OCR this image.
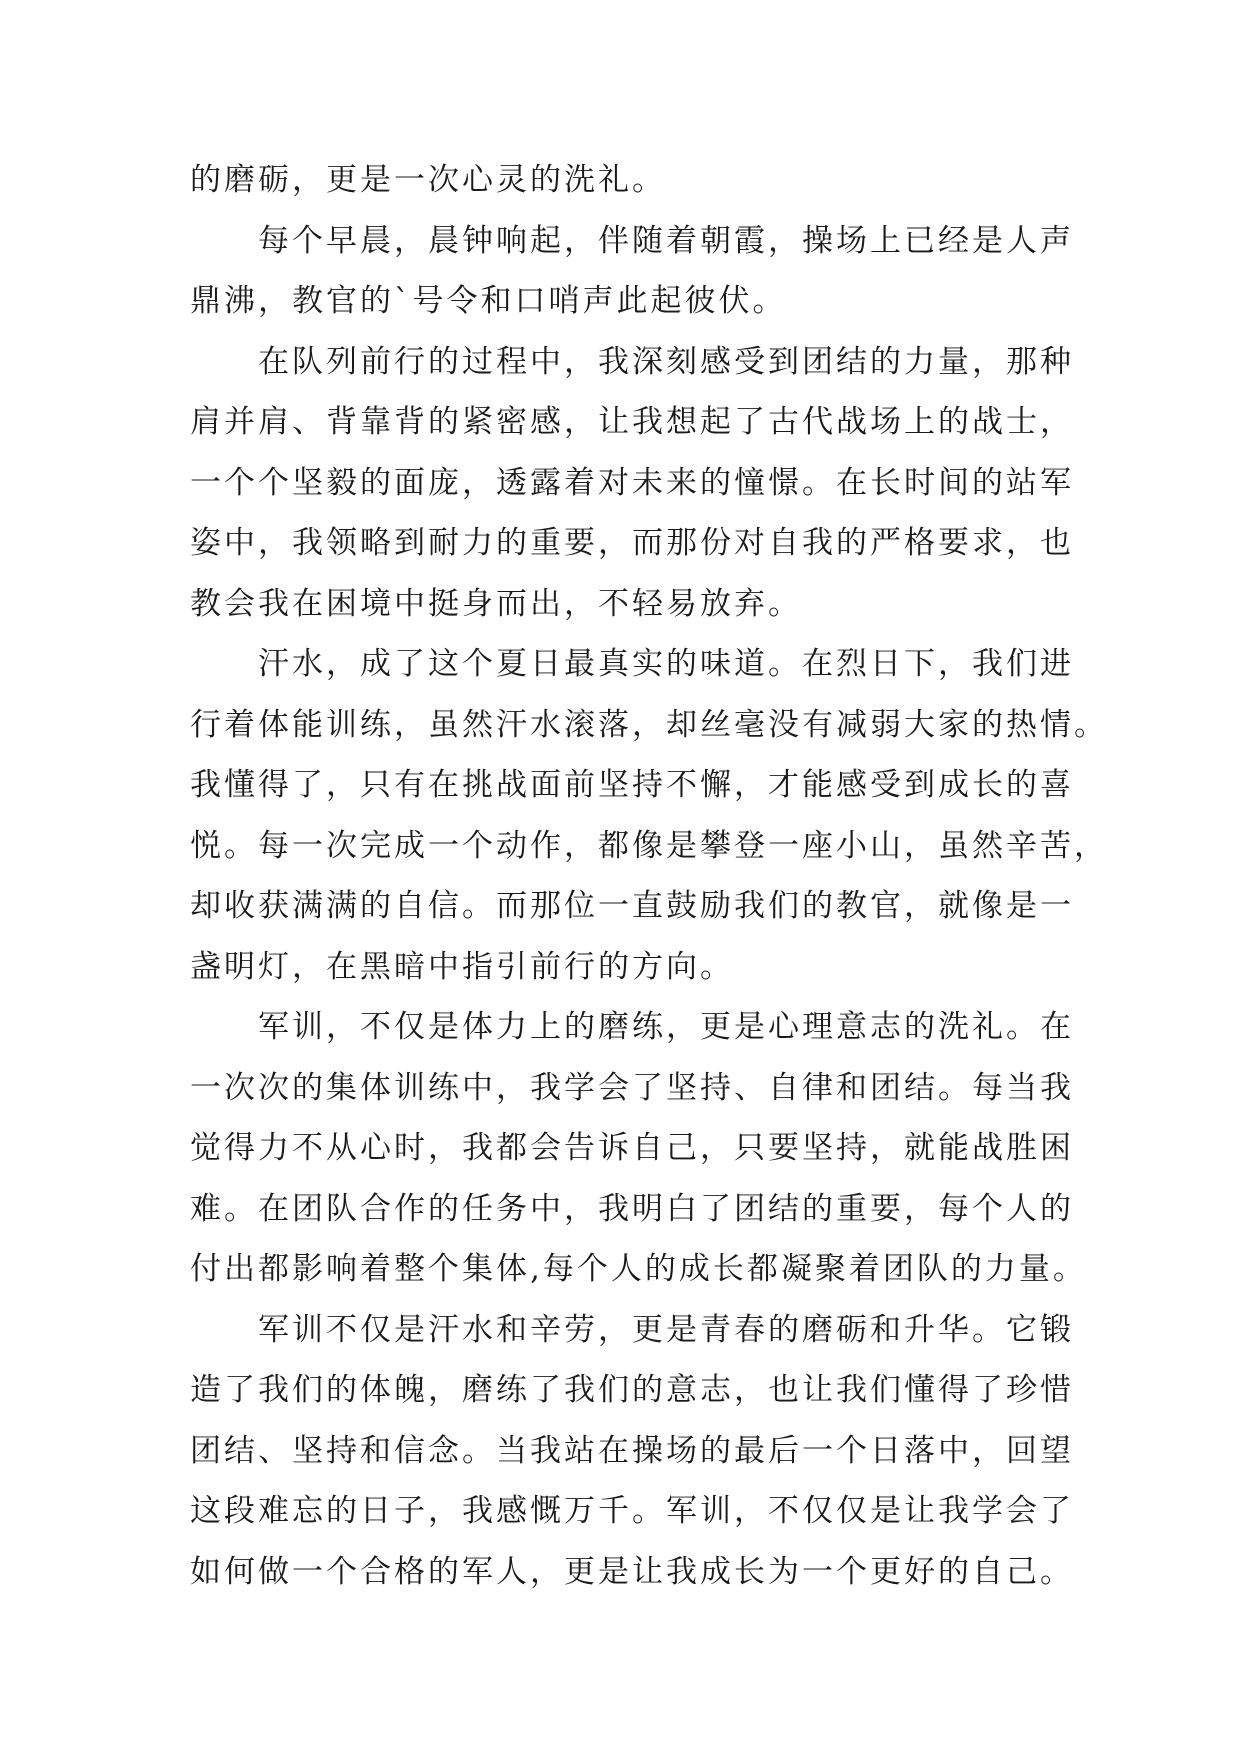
的磨砺，更是一次心灵的洗礼。
每个早晨，晨钟响起，伴随着朝霞，操场上已经是人声
鼎沸，教官的`号令和口哨声此起彼伏。
在队列前行的过程中，我深刻感受到团结的力量，那种
肩并肩、背靠背的紧密感，让我想起了古代战场上的战士，
一个个坚毅的面庞，透露着对未来的憧憬。在长时间的站军
姿中，我领略到耐力的重要，而那份对自我的严格要求，也
教会我在困境中挺身而出，不轻易放弃。
汗水，成了这个夏日最真实的味道。在烈日下，我们进
行着体能训练，虽然汗水滚落，却丝毫没有减弱大家的热情。
我懂得了，只有在挑战面前坚持不懈，才能感受到成长的喜
悦。每一次完成一个动作，都像是攀登一座小山，虽然辛苦，
却收获满满的自信。而那位一直鼓励我们的教官，就像是一
盏明灯，在黑暗中指引前行的方向。
军训，不仅是体力上的磨练，更是心理意志的洗礼。在
一次次的集体训练中，我学会了坚持、自律和团结。每当我
觉得力不从心时，我都会告诉自己，只要坚持，就能战胜困
难。在团队合作的任务中，我明白了团结的重要，每个人的
付出都影响着整个集体,每个人的成长都凝聚着团队的力量。
军训不仅是汗水和辛劳，更是青春的磨砺和升华。它锻
造了我们的体魄，磨练了我们的意志，也让我们懂得了珍惜
团结、坚持和信念。当我站在操场的最后一个日落中，回望
这段难忘的日子，我感慨万千。军训，不仅仅是让我学会了
如何做一个合格的军人，更是让我成长为一个更好的自己。
